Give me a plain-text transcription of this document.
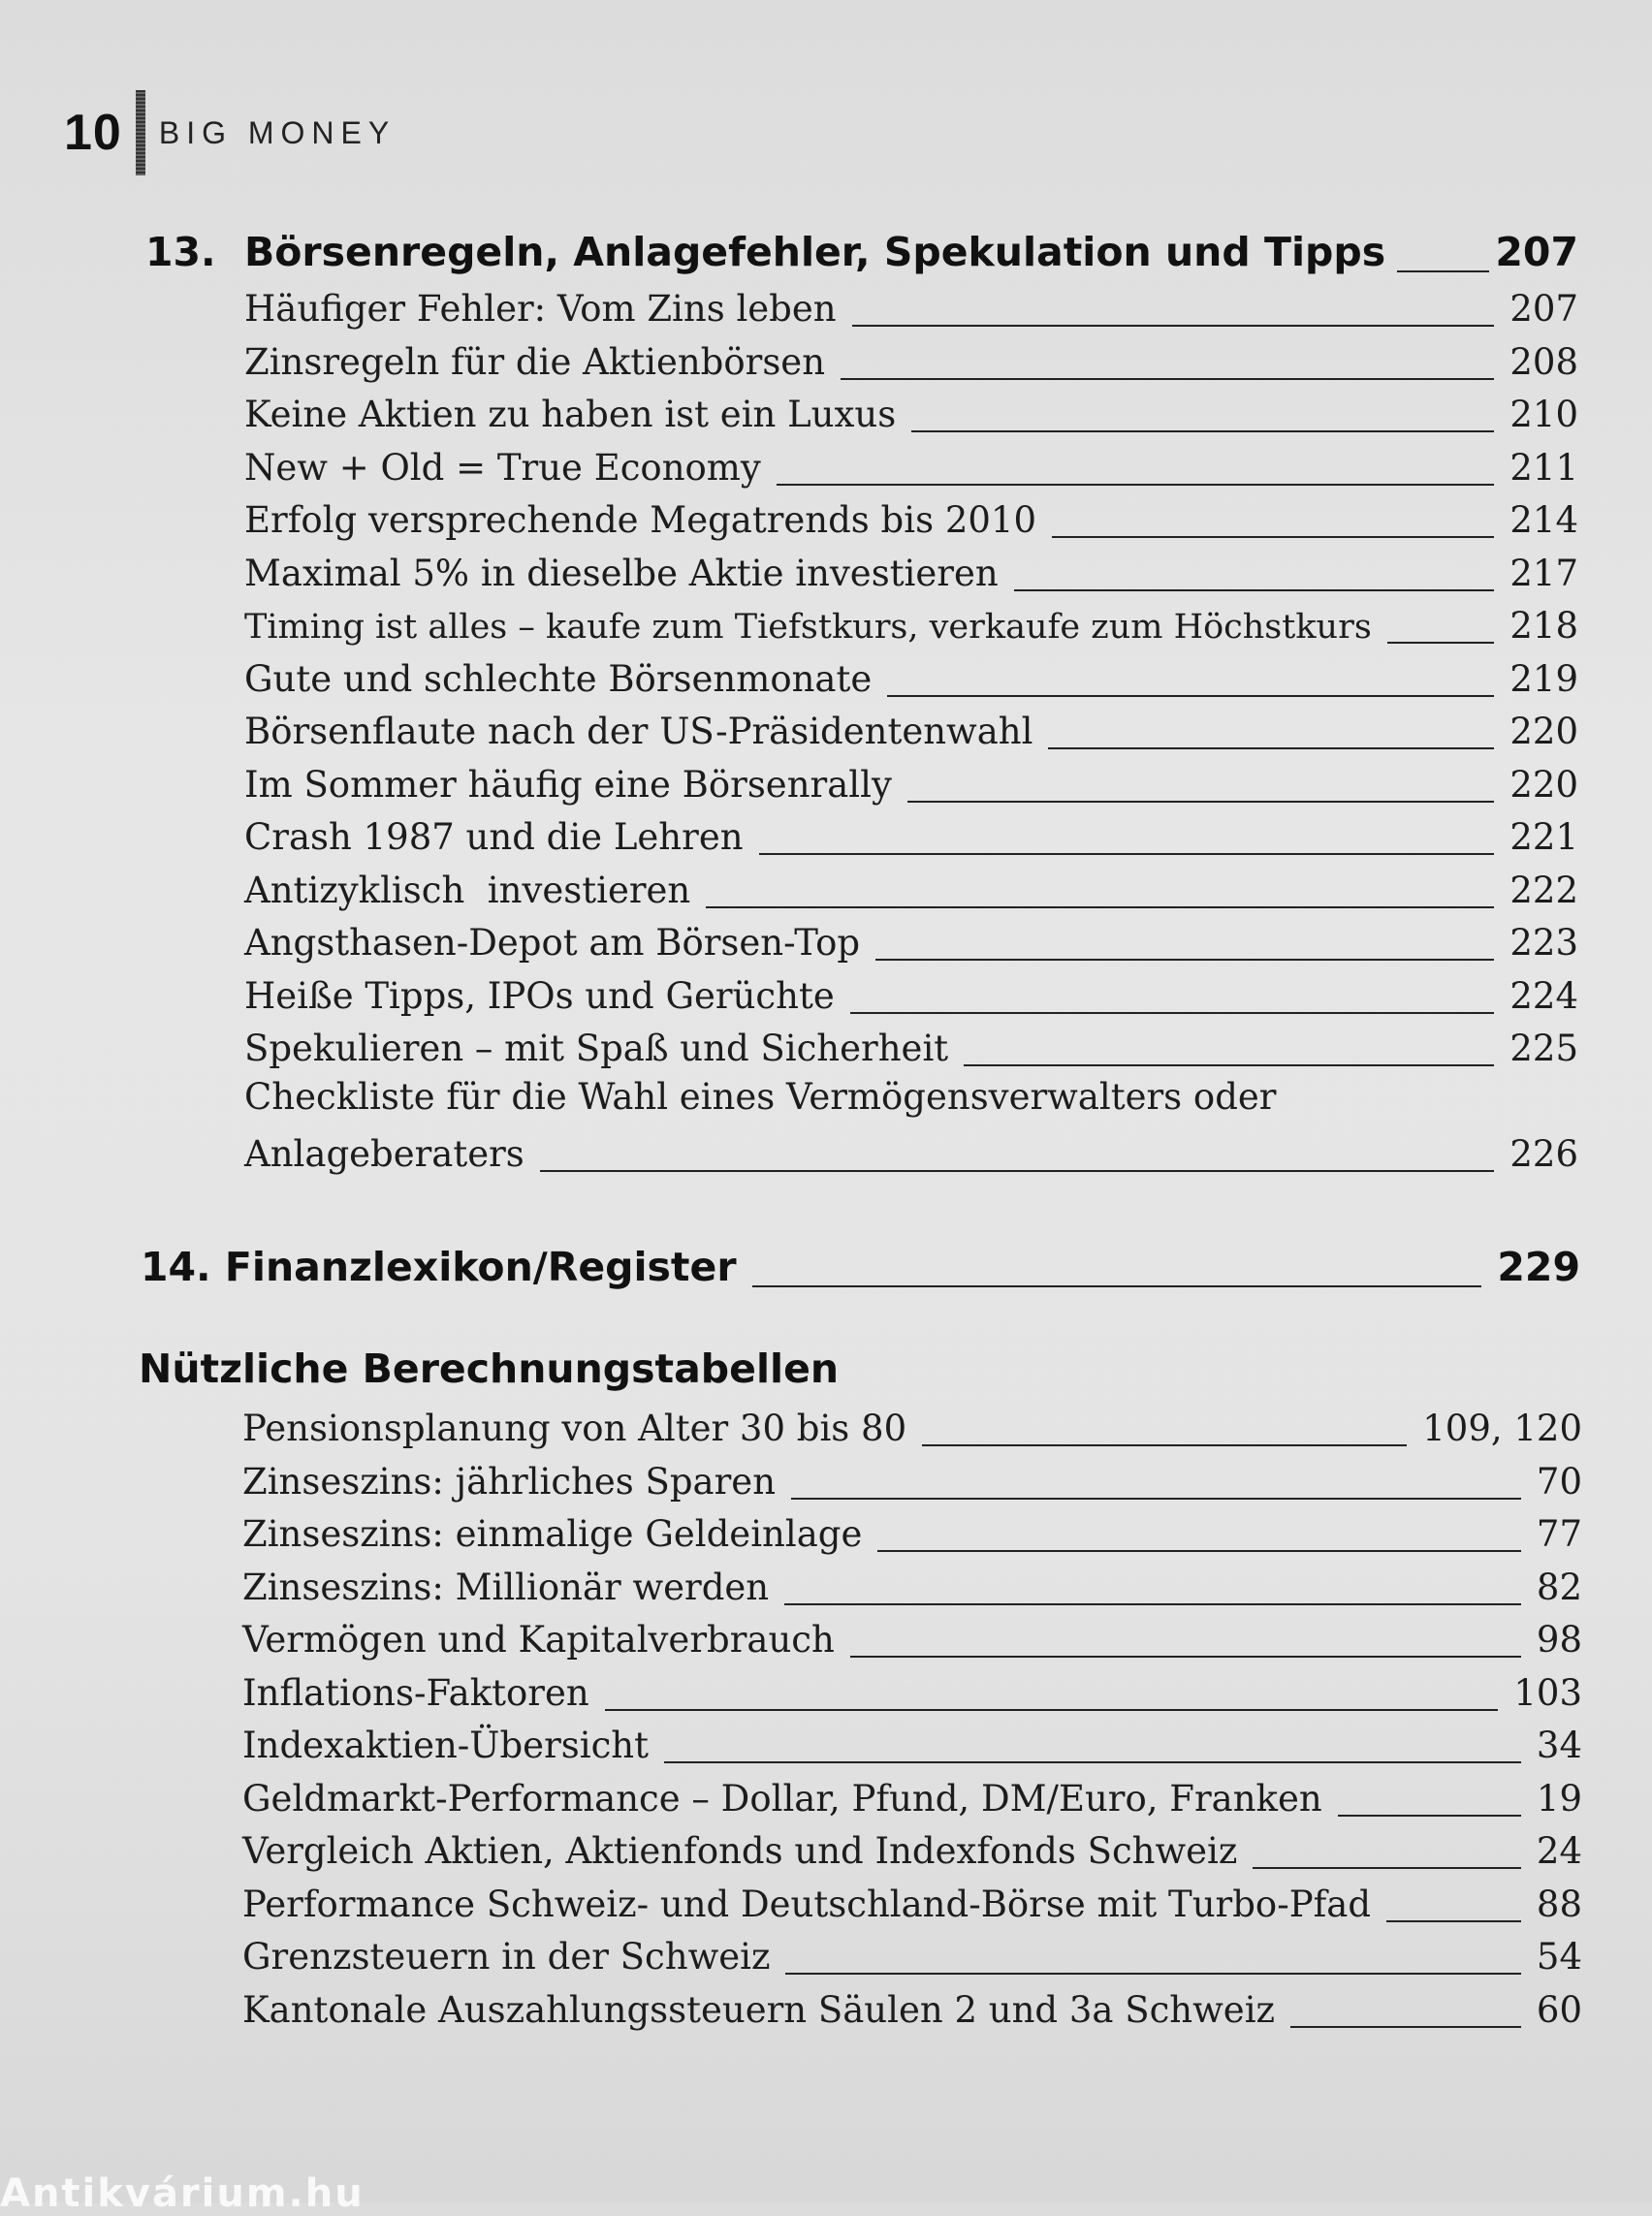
10 BIG MONEY
13. Börsenregeln, Anlagefehler, Spekulation und Tipps	207
Häufiger Fehler: Vom Zins leben	207
Zinsregeln für die Aktienbörsen	208
Keine Aktien zu haben ist ein Luxus	210
New + Old = True Economy	211
Erfolg versprechende Megatrends bis 2010	214
Maximal 5% in dieselbe Aktie investieren	217
Timing ist alles – kaufe zum Tiefstkurs, verkaufe zum Höchstkurs	218
Gute und schlechte Börsenmonate	219
Börsenflaute nach der US-Präsidentenwahl	220
Im Sommer häufig eine Börsenrally	220
Crash 1987 und die Lehren	221
Antizyklisch  investieren	222
Angsthasen-Depot am Börsen-Top	223
Heiße Tipps, IPOs und Gerüchte	224
Spekulieren – mit Spaß und Sicherheit	225
Checkliste für die Wahl eines Vermögensverwalters oder
Anlageberaters	226
14. Finanzlexikon/Register	229
Nützliche Berechnungstabellen
Pensionsplanung von Alter 30 bis 80	109, 120
Zinseszins: jährliches Sparen	70
Zinseszins: einmalige Geldeinlage	77
Zinseszins: Millionär werden	82
Vermögen und Kapitalverbrauch	98
Inflations-Faktoren	103
Indexaktien-Übersicht	34
Geldmarkt-Performance – Dollar, Pfund, DM/Euro, Franken	19
Vergleich Aktien, Aktienfonds und Indexfonds Schweiz	24
Performance Schweiz- und Deutschland-Börse mit Turbo-Pfad	88
Grenzsteuern in der Schweiz	54
Kantonale Auszahlungssteuern Säulen 2 und 3a Schweiz	60
Antikvárium.hu
